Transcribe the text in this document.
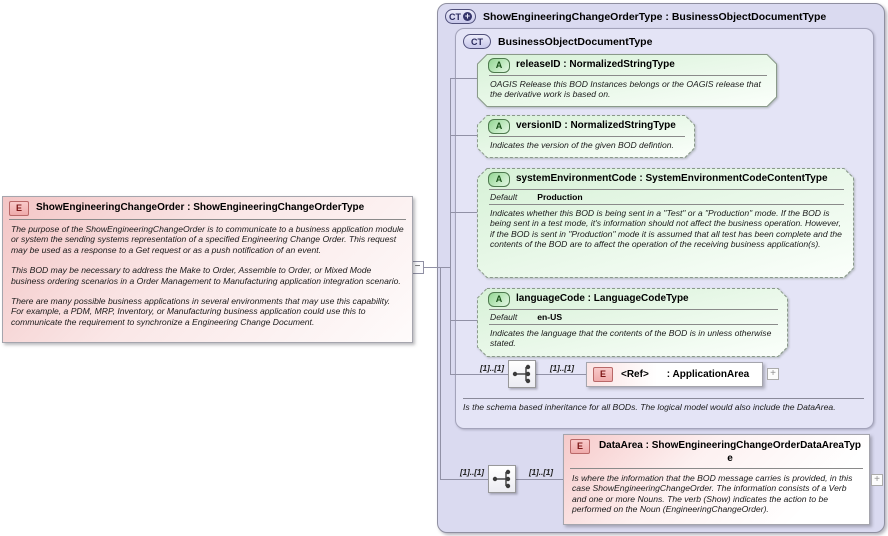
CT + ShowEngineeringChangeOrderType : BusinessObjectDocumentType
CT	BusinessObjectDocumentType
Is the schema based inheritance for all BODs. The logical model would also include the DataArea.
−
[1]..[1]	[1]..[1]
[1]..[1]	[1]..[1]
E	ShowEngineeringChangeOrder : ShowEngineeringChangeOrderType

The purpose of the ShowEngineeringChangeOrder is to communicate to a business application module or system the sending systems representation of a specified Engineering Change Order. This request may be used as a response to a Get request or as a push notification of an event.

This BOD may be necessary to address the Make to Order, Assemble to Order, or Mixed Mode business ordering scenarios in a Order Management to Manufacturing application integration scenario.

There are many possible business applications in several environments that may use this capability. For example, a PDM, MRP, Inventory, or Manufacturing business application could use this to communicate the requirement to synchronize a Engineering Change Document.

A	releaseID : NormalizedStringType
OAGIS Release this BOD Instances belongs or the OAGIS release that the derivative work is based on.
A	versionID : NormalizedStringType
Indicates the version of the given BOD defintion.
A	systemEnvironmentCode : SystemEnvironmentCodeContentType
Default Production
Indicates whether this BOD is being sent in a "Test" or a "Production" mode. If the BOD is being sent in a test mode, it's information should not affect the business operation. However, if the BOD is sent in "Production" mode it is assumed that all test has been complete and the contents of the BOD are to affect the operation of the receiving business application(s).
A	languageCode : LanguageCodeType
Default en-US
Indicates the language that the contents of the BOD is in unless otherwise stated.
E	<Ref> : ApplicationArea	+
E	DataArea : ShowEngineeringChangeOrderDataAreaType
Is where the information that the BOD message carries is provided, in this case ShowEngineeringChangeOrder. The information consists of a Verb and one or more Nouns. The verb (Show) indicates the action to be performed on the Noun (EngineeringChangeOrder).
+
